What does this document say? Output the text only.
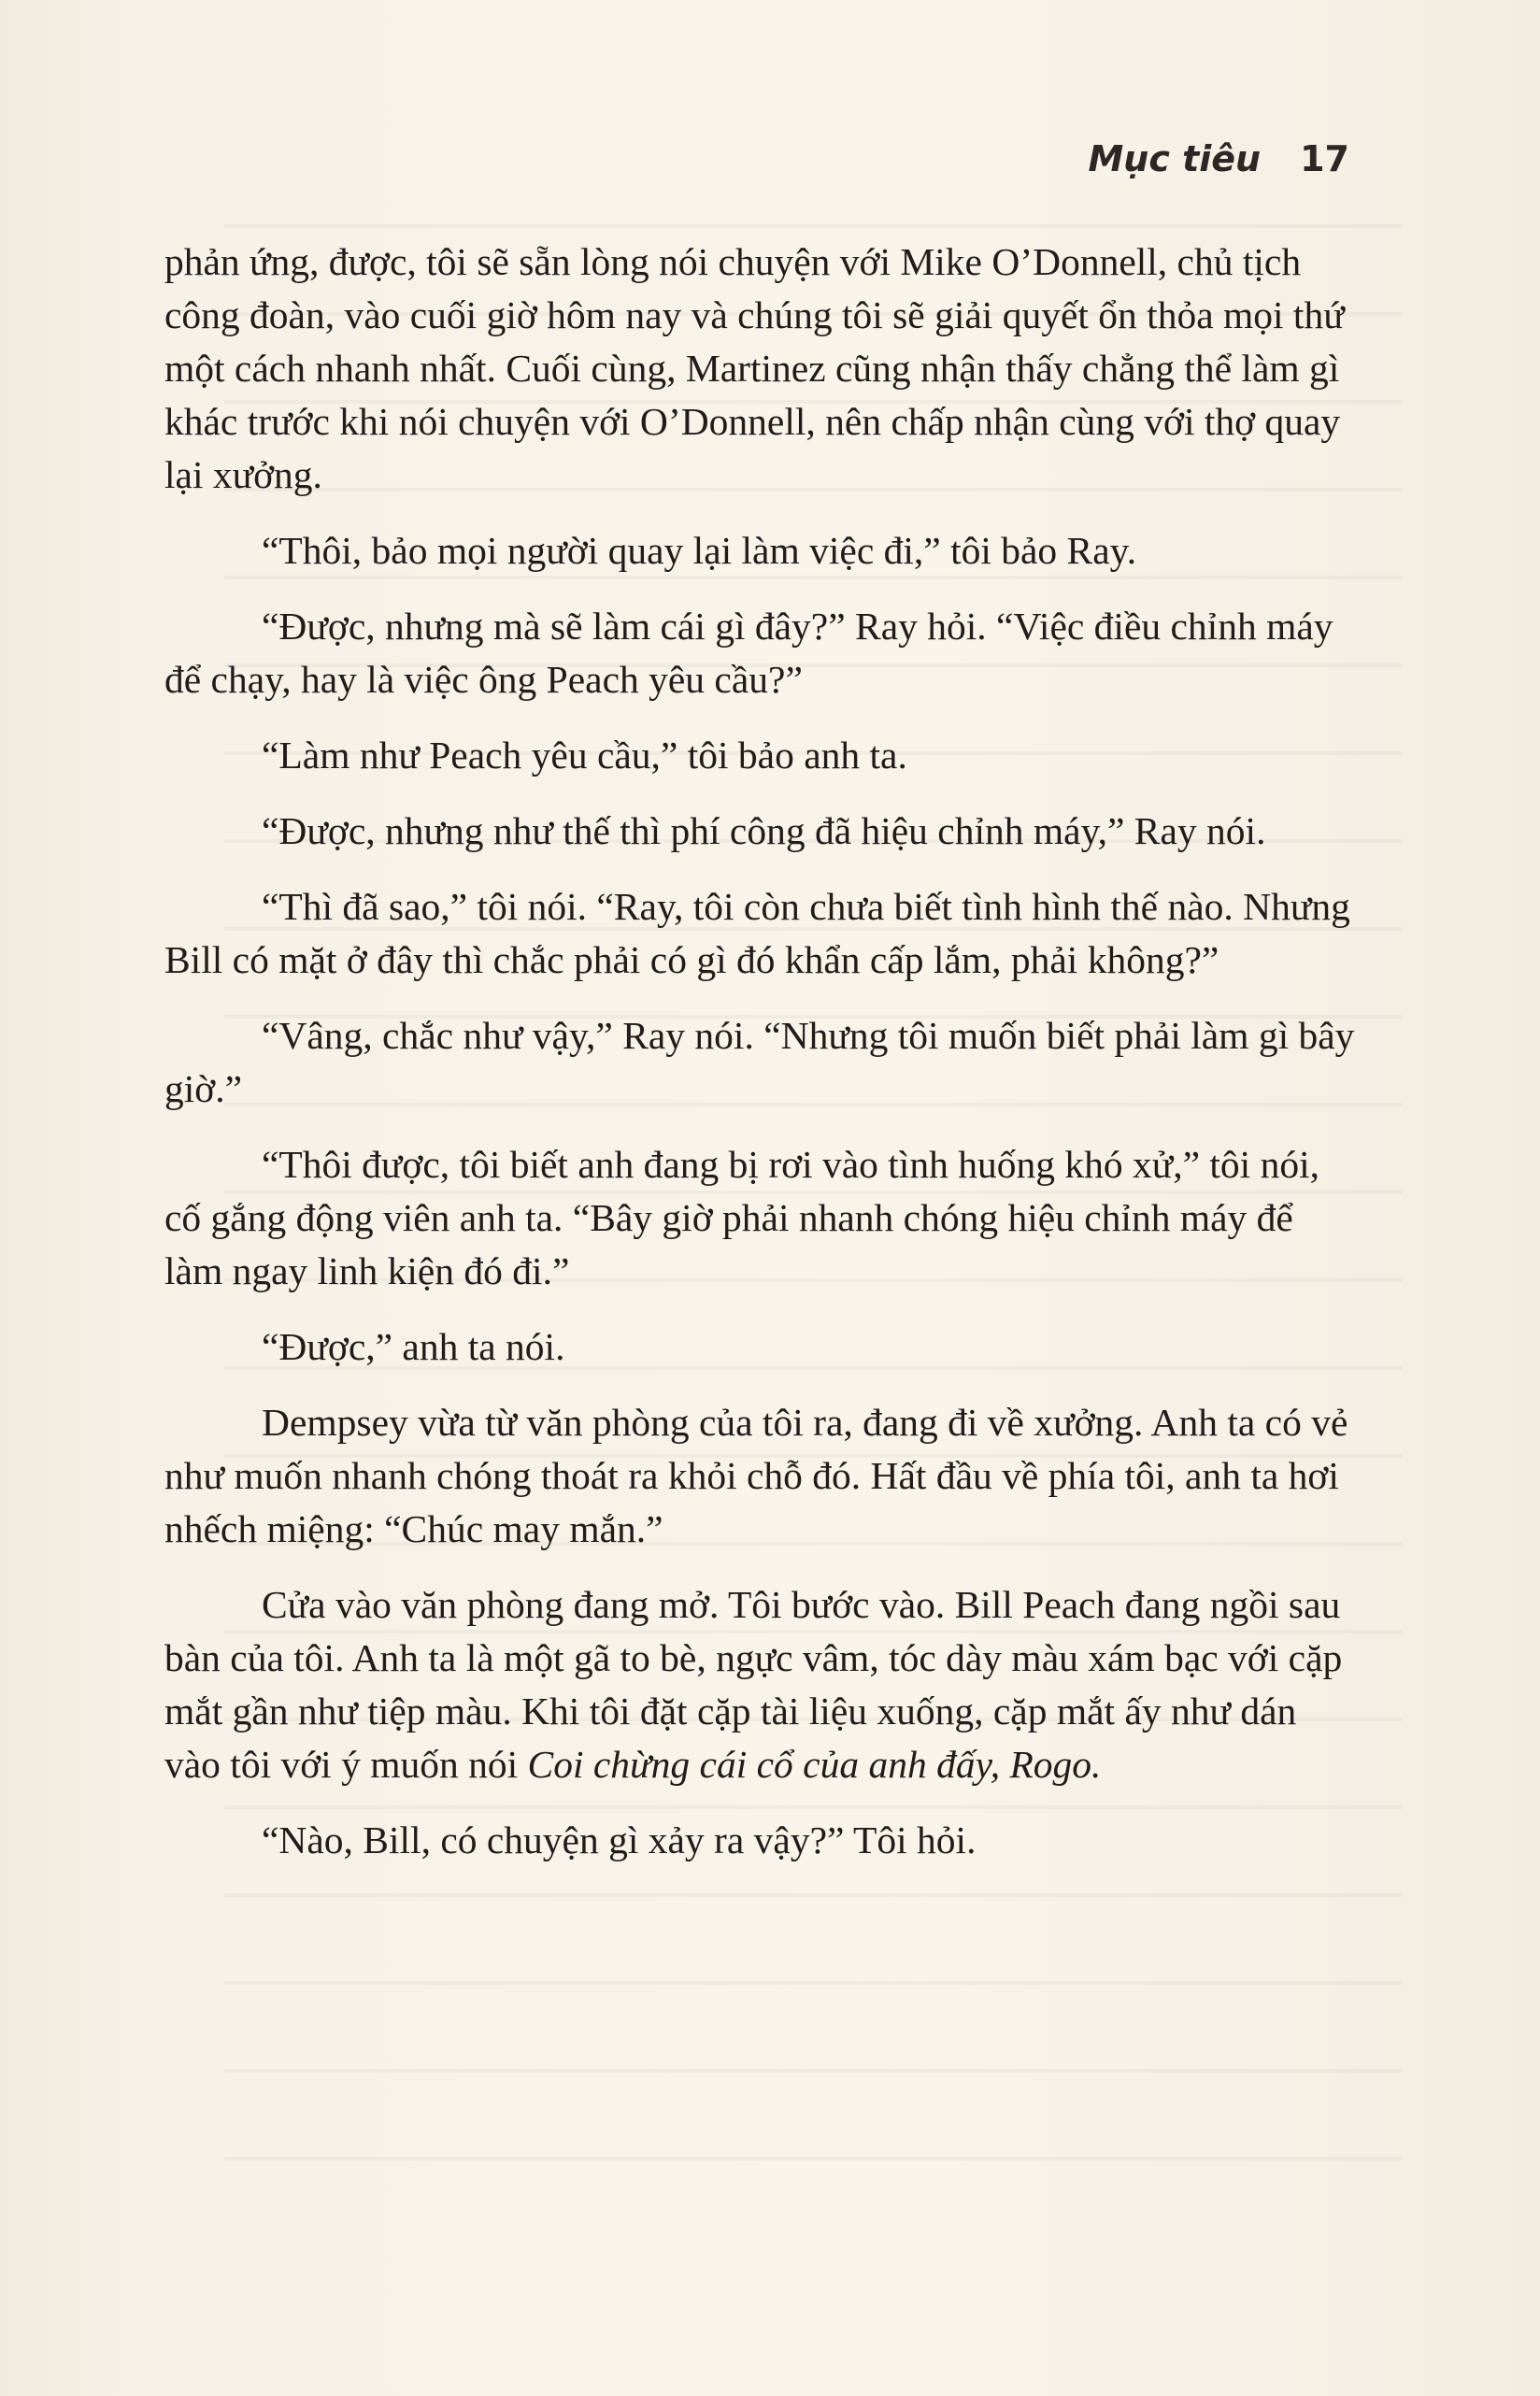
Mục tiêu 17

phản ứng, được, tôi sẽ sẵn lòng nói chuyện với Mike O’Donnell, chủ tịch công đoàn, vào cuối giờ hôm nay và chúng tôi sẽ giải quyết ổn thỏa mọi thứ một cách nhanh nhất. Cuối cùng, Martinez cũng nhận thấy chẳng thể làm gì khác trước khi nói chuyện với O’Donnell, nên chấp nhận cùng với thợ quay lại xưởng.

“Thôi, bảo mọi người quay lại làm việc đi,” tôi bảo Ray.

“Được, nhưng mà sẽ làm cái gì đây?” Ray hỏi. “Việc điều chỉnh máy để chạy, hay là việc ông Peach yêu cầu?”

“Làm như Peach yêu cầu,” tôi bảo anh ta.

“Được, nhưng như thế thì phí công đã hiệu chỉnh máy,” Ray nói.

“Thì đã sao,” tôi nói. “Ray, tôi còn chưa biết tình hình thế nào. Nhưng Bill có mặt ở đây thì chắc phải có gì đó khẩn cấp lắm, phải không?”

“Vâng, chắc như vậy,” Ray nói. “Nhưng tôi muốn biết phải làm gì bây giờ.”

“Thôi được, tôi biết anh đang bị rơi vào tình huống khó xử,” tôi nói, cố gắng động viên anh ta. “Bây giờ phải nhanh chóng hiệu chỉnh máy để làm ngay linh kiện đó đi.”

“Được,” anh ta nói.

Dempsey vừa từ văn phòng của tôi ra, đang đi về xưởng. Anh ta có vẻ như muốn nhanh chóng thoát ra khỏi chỗ đó. Hất đầu về phía tôi, anh ta hơi nhếch miệng: “Chúc may mắn.”

Cửa vào văn phòng đang mở. Tôi bước vào. Bill Peach đang ngồi sau bàn của tôi. Anh ta là một gã to bè, ngực vâm, tóc dày màu xám bạc với cặp mắt gần như tiệp màu. Khi tôi đặt cặp tài liệu xuống, cặp mắt ấy như dán vào tôi với ý muốn nói Coi chừng cái cổ của anh đấy, Rogo.

“Nào, Bill, có chuyện gì xảy ra vậy?” Tôi hỏi.
